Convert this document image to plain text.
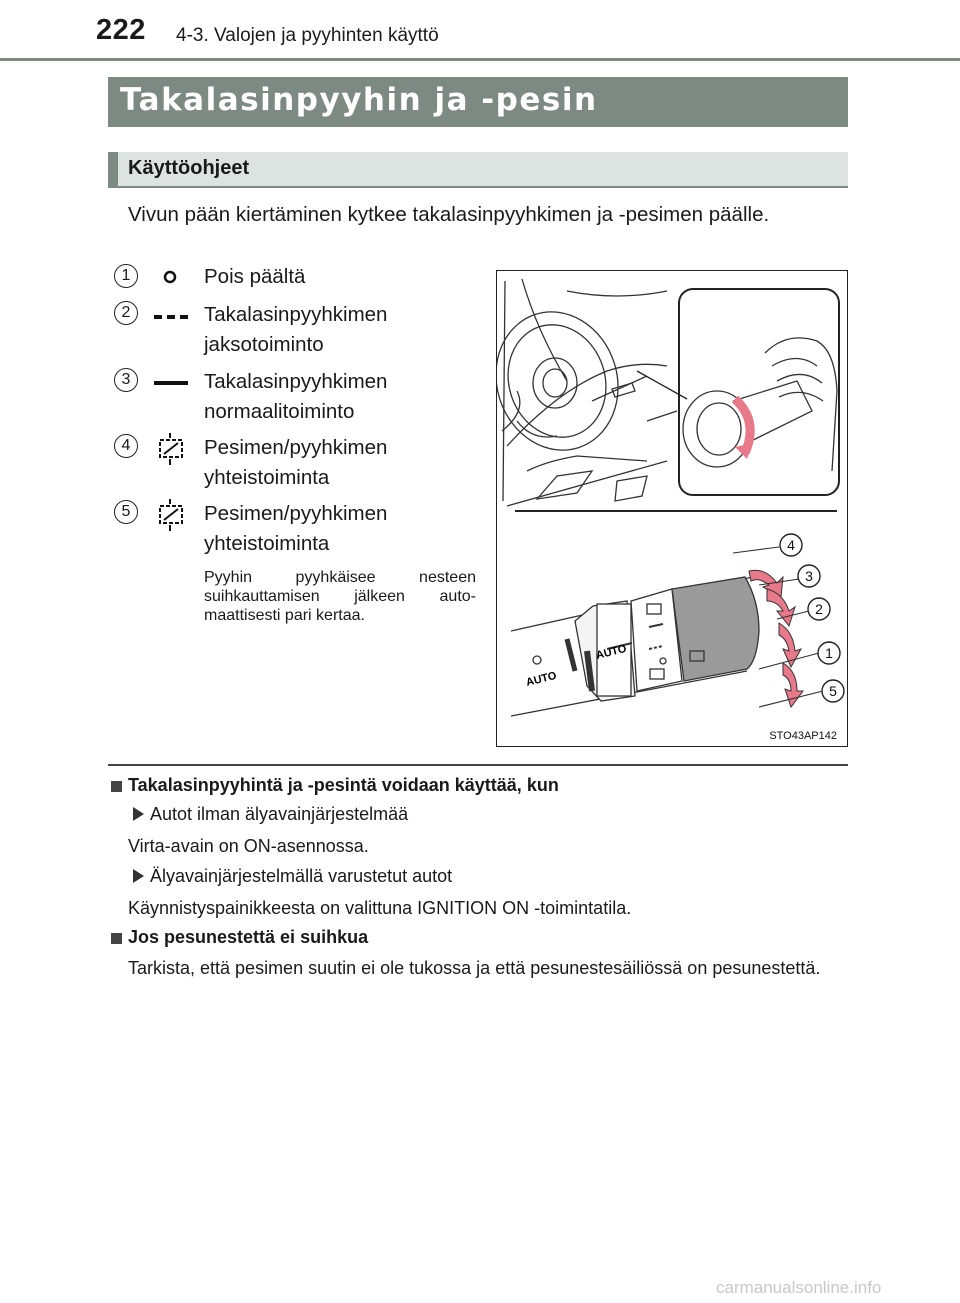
222 4-3. Valojen ja pyyhinten käyttö
Takalasinpyyhin ja -pesin
Käyttöohjeet
Vivun pään kiertäminen kytkee takalasinpyyhkimen ja -pesimen päälle.
1	Pois päältä
2	Takalasinpyyhkimen
jaksotoiminto
3	Takalasinpyyhkimen
normaalitoiminto
4	Pesimen/pyyhkimen
yhteistoiminta
5	Pesimen/pyyhkimen
yhteistoiminta
Pyyhin pyyhkäisee nesteen suihkauttamisen jälkeen auto-maattisesti pari kertaa.
AUTO
AUTO
4
3
2
1
5
STO43AP142
Takalasinpyyhintä ja -pesintä voidaan käyttää, kun
Autot ilman älyavainjärjestelmää
Virta-avain on ON-asennossa.
Älyavainjärjestelmällä varustetut autot
Käynnistyspainikkeesta on valittuna IGNITION ON -toimintatila.
Jos pesunestettä ei suihkua
Tarkista, että pesimen suutin ei ole tukossa ja että pesunestesäiliössä on pesunestettä.
carmanualsonline.info
